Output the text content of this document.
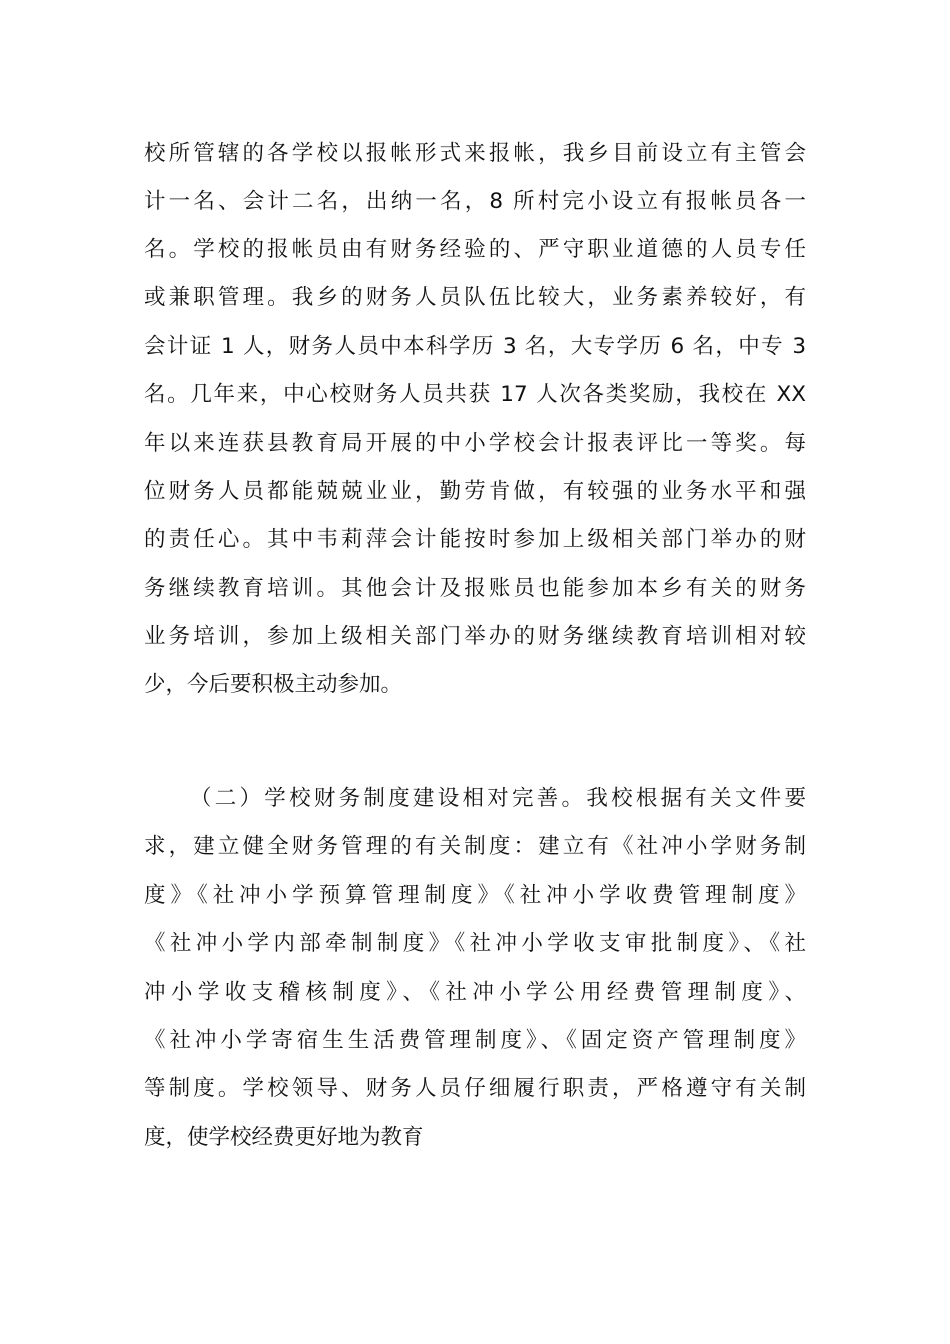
校所管辖的各学校以报帐形式来报帐，我乡目前设立有主管会
计一名、会计二名，出纳一名，8 所村完小设立有报帐员各一
名。学校的报帐员由有财务经验的、严守职业道德的人员专任
或兼职管理。我乡的财务人员队伍比较大，业务素养较好，有
会计证 1 人，财务人员中本科学历 3 名，大专学历 6 名，中专 3
名。几年来，中心校财务人员共获 17 人次各类奖励，我校在 XX
年以来连获县教育局开展的中小学校会计报表评比一等奖。每
位财务人员都能兢兢业业，勤劳肯做，有较强的业务水平和强
的责任心。其中韦莉萍会计能按时参加上级相关部门举办的财
务继续教育培训。其他会计及报账员也能参加本乡有关的财务
业务培训，参加上级相关部门举办的财务继续教育培训相对较
少，今后要积极主动参加。
（二）学校财务制度建设相对完善。我校根据有关文件要
求，建立健全财务管理的有关制度：建立有《社冲小学财务制
度》《社冲小学预算管理制度》《社冲小学收费管理制度》
《社冲小学内部牵制制度》《社冲小学收支审批制度》、《社
冲小学收支稽核制度》、《社冲小学公用经费管理制度》、
《社冲小学寄宿生生活费管理制度》、《固定资产管理制度》
等制度。学校领导、财务人员仔细履行职责，严格遵守有关制
度，使学校经费更好地为教育
